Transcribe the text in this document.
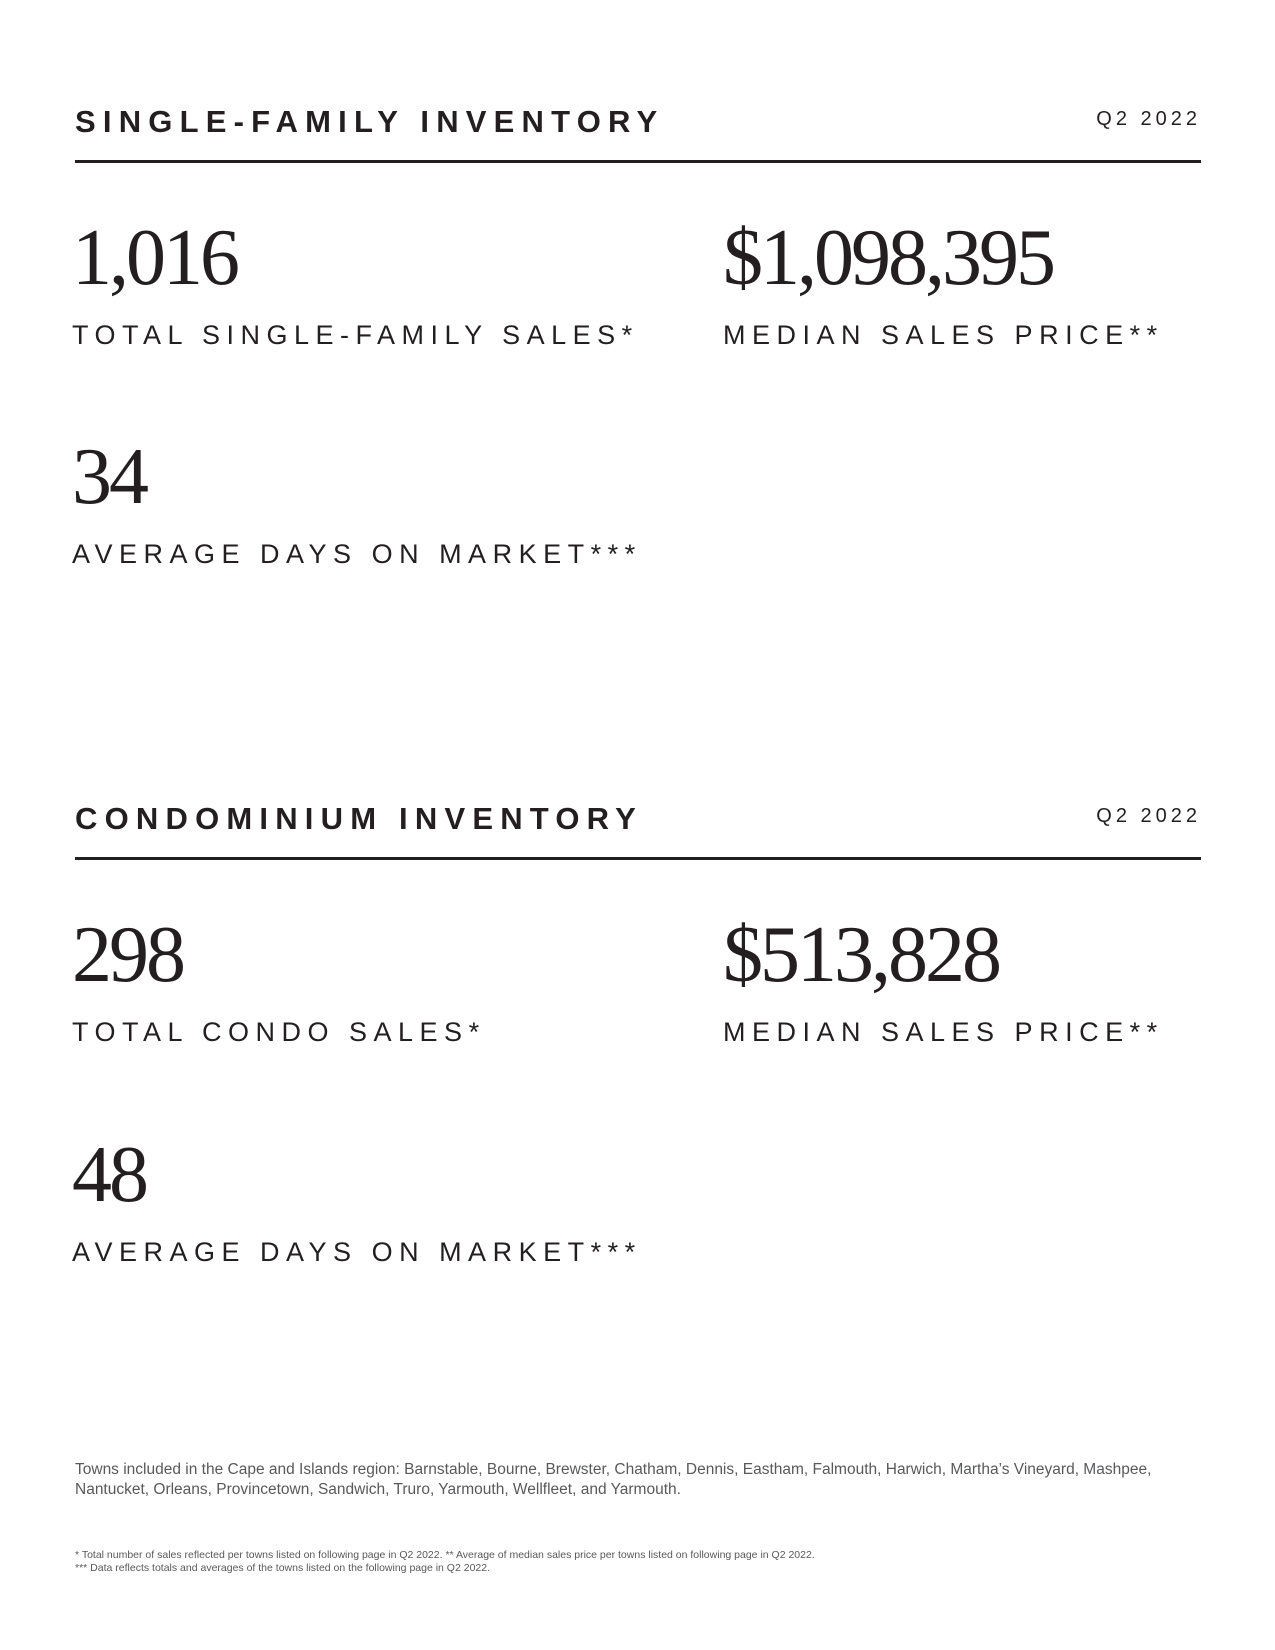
SINGLE-FAMILY INVENTORY	Q2 2022
1,016
TOTAL SINGLE-FAMILY SALES*
$1,098,395
MEDIAN SALES PRICE**
34
AVERAGE DAYS ON MARKET***
CONDOMINIUM INVENTORY	Q2 2022
298
TOTAL CONDO SALES*
$513,828
MEDIAN SALES PRICE**
48
AVERAGE DAYS ON MARKET***
Towns included in the Cape and Islands region: Barnstable, Bourne, Brewster, Chatham, Dennis, Eastham, Falmouth, Harwich, Martha’s Vineyard, Mashpee, Nantucket, Orleans, Provincetown, Sandwich, Truro, Yarmouth, Wellfleet, and Yarmouth.
* Total number of sales reflected per towns listed on following page in Q2 2022. ** Average of median sales price per towns listed on following page in Q2 2022.
*** Data reflects totals and averages of the towns listed on the following page in Q2 2022.
